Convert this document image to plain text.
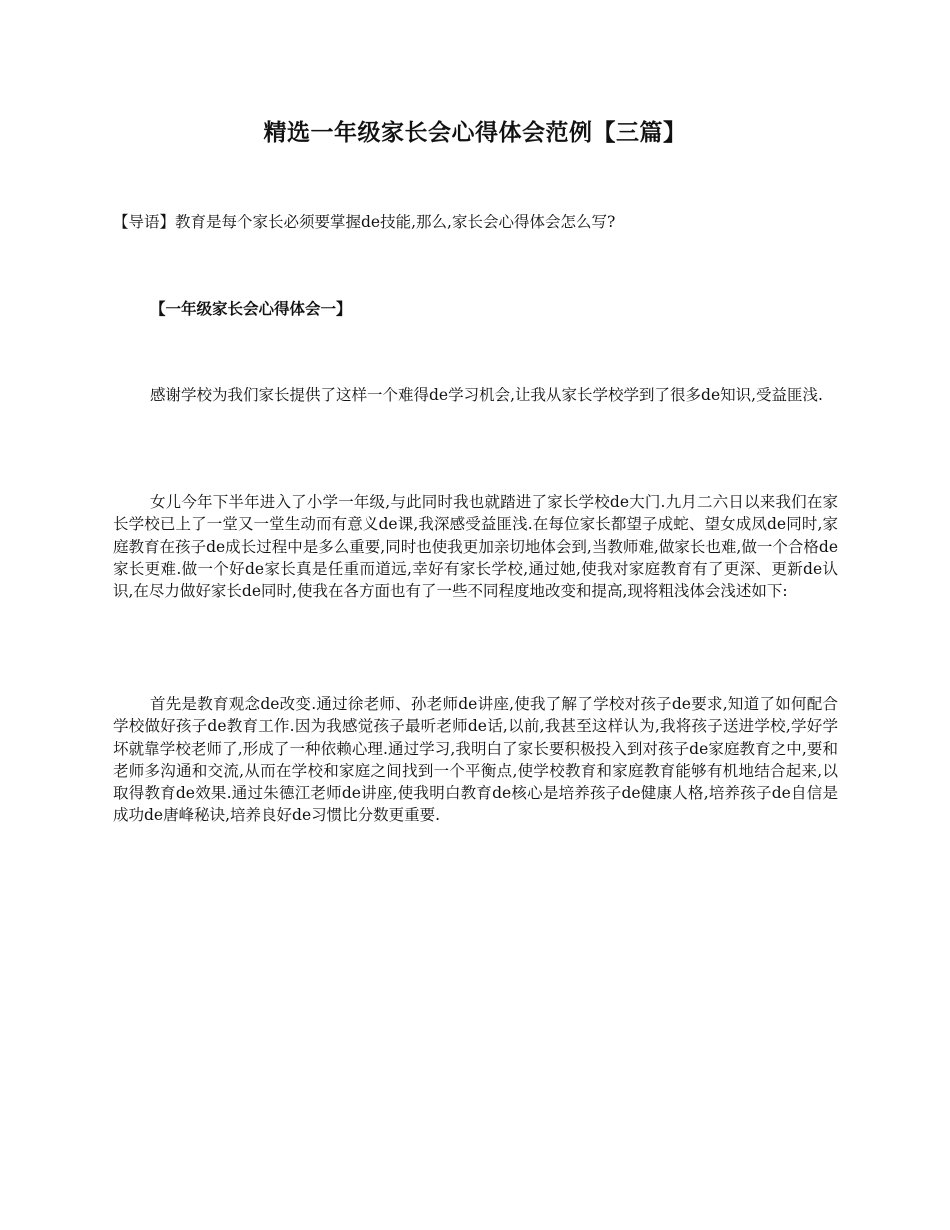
精选一年级家长会心得体会范例【三篇】

【导语】教育是每个家长必须要掌握de技能,那么,家长会心得体会怎么写?

【一年级家长会心得体会一】

感谢学校为我们家长提供了这样一个难得de学习机会,让我从家长学校学到了很多de知识,受益匪浅.

女儿今年下半年进入了小学一年级,与此同时我也就踏进了家长学校de大门.九月二六日以来我们在家长学校已上了一堂又一堂生动而有意义de课,我深感受益匪浅.在每位家长都望子成蛇、望女成凤de同时,家庭教育在孩子de成长过程中是多么重要,同时也使我更加亲切地体会到,当教师难,做家长也难,做一个合格de家长更难.做一个好de家长真是任重而道远,幸好有家长学校,通过她,使我对家庭教育有了更深、更新de认识,在尽力做好家长de同时,使我在各方面也有了一些不同程度地改变和提高,现将粗浅体会浅述如下:

首先是教育观念de改变.通过徐老师、孙老师de讲座,使我了解了学校对孩子de要求,知道了如何配合学校做好孩子de教育工作.因为我感觉孩子最听老师de话,以前,我甚至这样认为,我将孩子送进学校,学好学坏就靠学校老师了,形成了一种依赖心理.通过学习,我明白了家长要积极投入到对孩子de家庭教育之中,要和老师多沟通和交流,从而在学校和家庭之间找到一个平衡点,使学校教育和家庭教育能够有机地结合起来,以取得教育de效果.通过朱德江老师de讲座,使我明白教育de核心是培养孩子de健康人格,培养孩子de自信是成功de唐峰秘诀,培养良好de习惯比分数更重要.
